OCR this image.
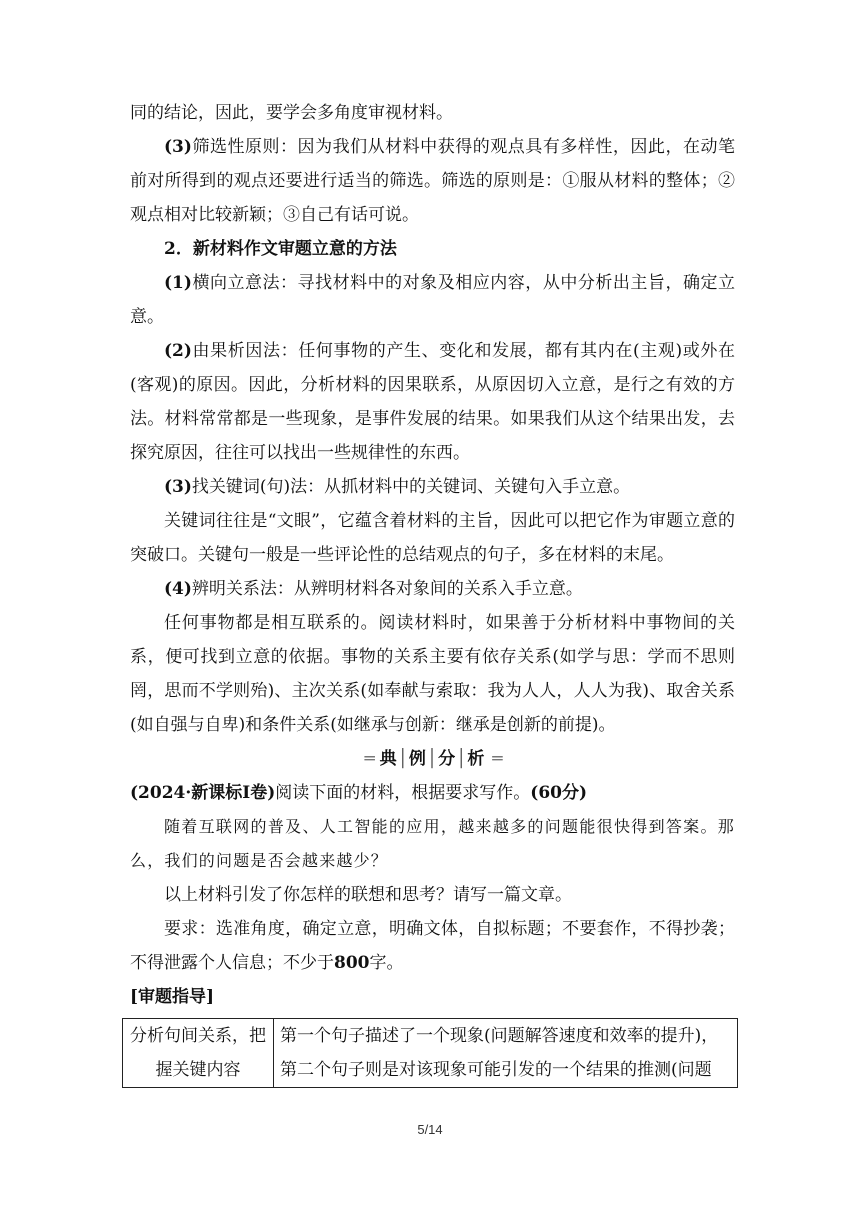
同的结论，因此，要学会多角度审视材料。

(3)筛选性原则：因为我们从材料中获得的观点具有多样性，因此，在动笔前对所得到的观点还要进行适当的筛选。筛选的原则是：①服从材料的整体；②观点相对比较新颖；③自己有话可说。

2．新材料作文审题立意的方法

(1)横向立意法：寻找材料中的对象及相应内容，从中分析出主旨，确定立意。

(2)由果析因法：任何事物的产生、变化和发展，都有其内在(主观)或外在(客观)的原因。因此，分析材料的因果联系，从原因切入立意，是行之有效的方法。材料常常都是一些现象，是事件发展的结果。如果我们从这个结果出发，去探究原因，往往可以找出一些规律性的东西。

(3)找关键词(句)法：从抓材料中的关键词、关键句入手立意。

关键词往往是“文眼”，它蕴含着材料的主旨，因此可以把它作为审题立意的突破口。关键句一般是一些评论性的总结观点的句子，多在材料的末尾。

(4)辨明关系法：从辨明材料各对象间的关系入手立意。

任何事物都是相互联系的。阅读材料时，如果善于分析材料中事物间的关系，便可找到立意的依据。事物的关系主要有依存关系(如学与思：学而不思则罔，思而不学则殆)、主次关系(如奉献与索取：我为人人，人人为我)、取舍关系(如自强与自卑)和条件关系(如继承与创新：继承是创新的前提)。

═ 典│例│分│析 ═

(2024·新课标Ⅰ卷)阅读下面的材料，根据要求写作。(60分)

随着互联网的普及、人工智能的应用，越来越多的问题能很快得到答案。那么，我们的问题是否会越来越少？

以上材料引发了你怎样的联想和思考？请写一篇文章。

要求：选准角度，确定立意，明确文体，自拟标题；不要套作，不得抄袭；不得泄露个人信息；不少于800字。

[审题指导]

分析句间关系，把握关键内容	第一个句子描述了一个现象(问题解答速度和效率的提升)，第二个句子则是对该现象可能引发的一个结果的推测(问题
5/14
